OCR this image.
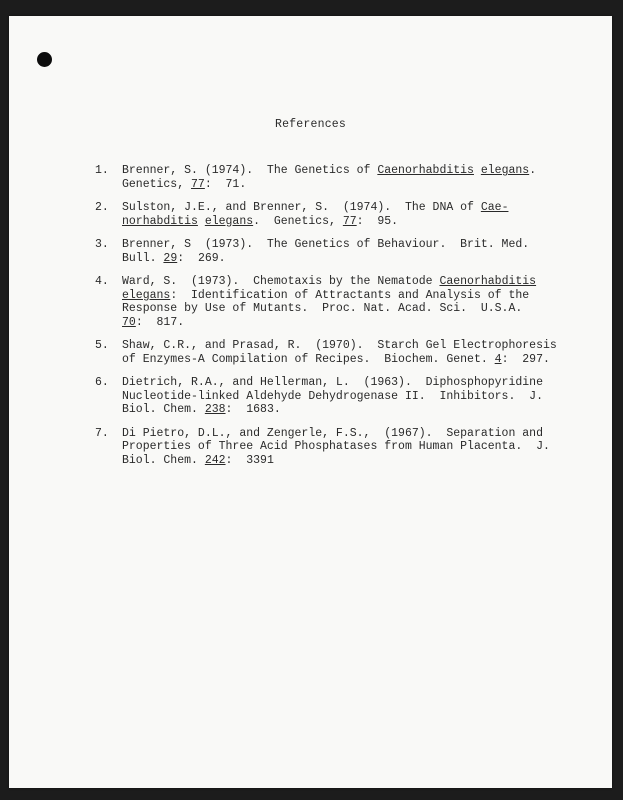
References
1.	Brenner, S. (1974).  The Genetics of Caenorhabditis elegans.
Genetics, 77:  71.
2.	Sulston, J.E., and Brenner, S.  (1974).  The DNA of Cae-
norhabditis elegans.  Genetics, 77:  95.
3.	Brenner, S  (1973).  The Genetics of Behaviour.  Brit. Med.
Bull. 29:  269.
4.	Ward, S.  (1973).  Chemotaxis by the Nematode Caenorhabditis
elegans:  Identification of Attractants and Analysis of the
Response by Use of Mutants.  Proc. Nat. Acad. Sci.  U.S.A.
70:  817.
5.	Shaw, C.R., and Prasad, R.  (1970).  Starch Gel Electrophoresis
of Enzymes-A Compilation of Recipes.  Biochem. Genet. 4:  297.
6.	Dietrich, R.A., and Hellerman, L.  (1963).  Diphosphopyridine
Nucleotide-linked Aldehyde Dehydrogenase II.  Inhibitors.  J.
Biol. Chem. 238:  1683.
7.	Di Pietro, D.L., and Zengerle, F.S.,  (1967).  Separation and
Properties of Three Acid Phosphatases from Human Placenta.  J.
Biol. Chem. 242:  3391
